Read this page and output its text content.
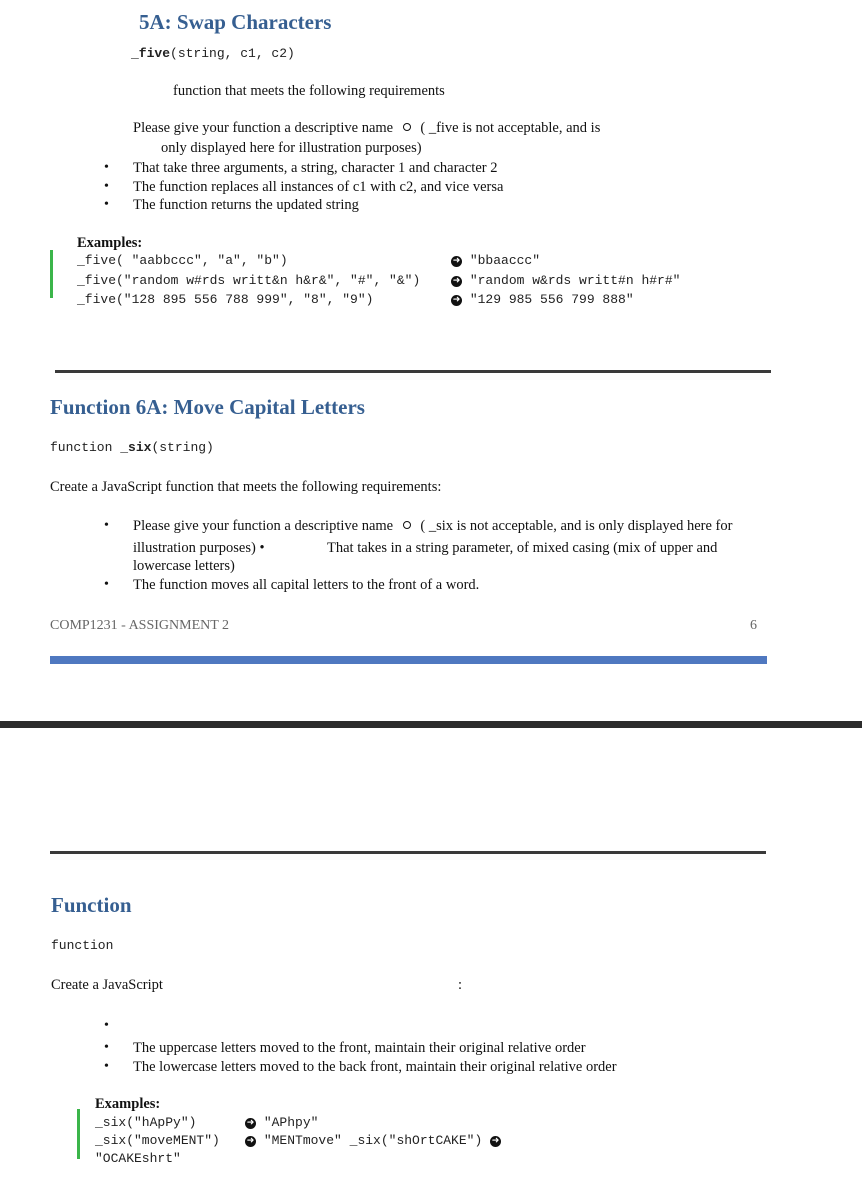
5A: Swap Characters
_five(string, c1, c2)
function that meets the following requirements
Please give your function a descriptive name ( _five is not acceptable, and is
only displayed here for illustration purposes)
• That take three arguments, a string, character 1 and character 2
• The function replaces all instances of c1 with c2, and vice versa
• The function returns the updated string
Examples:
_five( "aabbccc", "a", "b")	➜ "bbaaccc"
_five("random w#rds writt&n h&r&", "#", "&")	➜ "random w&rds writt#n h#r#"
_five("128 895 556 788 999", "8", "9")	➜ "129 985 556 799 888"
Function 6A: Move Capital Letters
function _six(string)
Create a JavaScript function that meets the following requirements:
• Please give your function a descriptive name ( _six is not acceptable, and is only displayed here for
illustration purposes) •	That takes in a string parameter, of mixed casing (mix of upper and
lowercase letters)
• The function moves all capital letters to the front of a word.
COMP1231 - ASSIGNMENT 2	6
Function
function
Create a JavaScript	:
•
• The uppercase letters moved to the front, maintain their original relative order
• The lowercase letters moved to the back front, maintain their original relative order
Examples:
_six("hApPy")	➜ "APhpy"
_six("moveMENT")	➜ "MENTmove" _six("shOrtCAKE") ➜
"OCAKEshrt"
